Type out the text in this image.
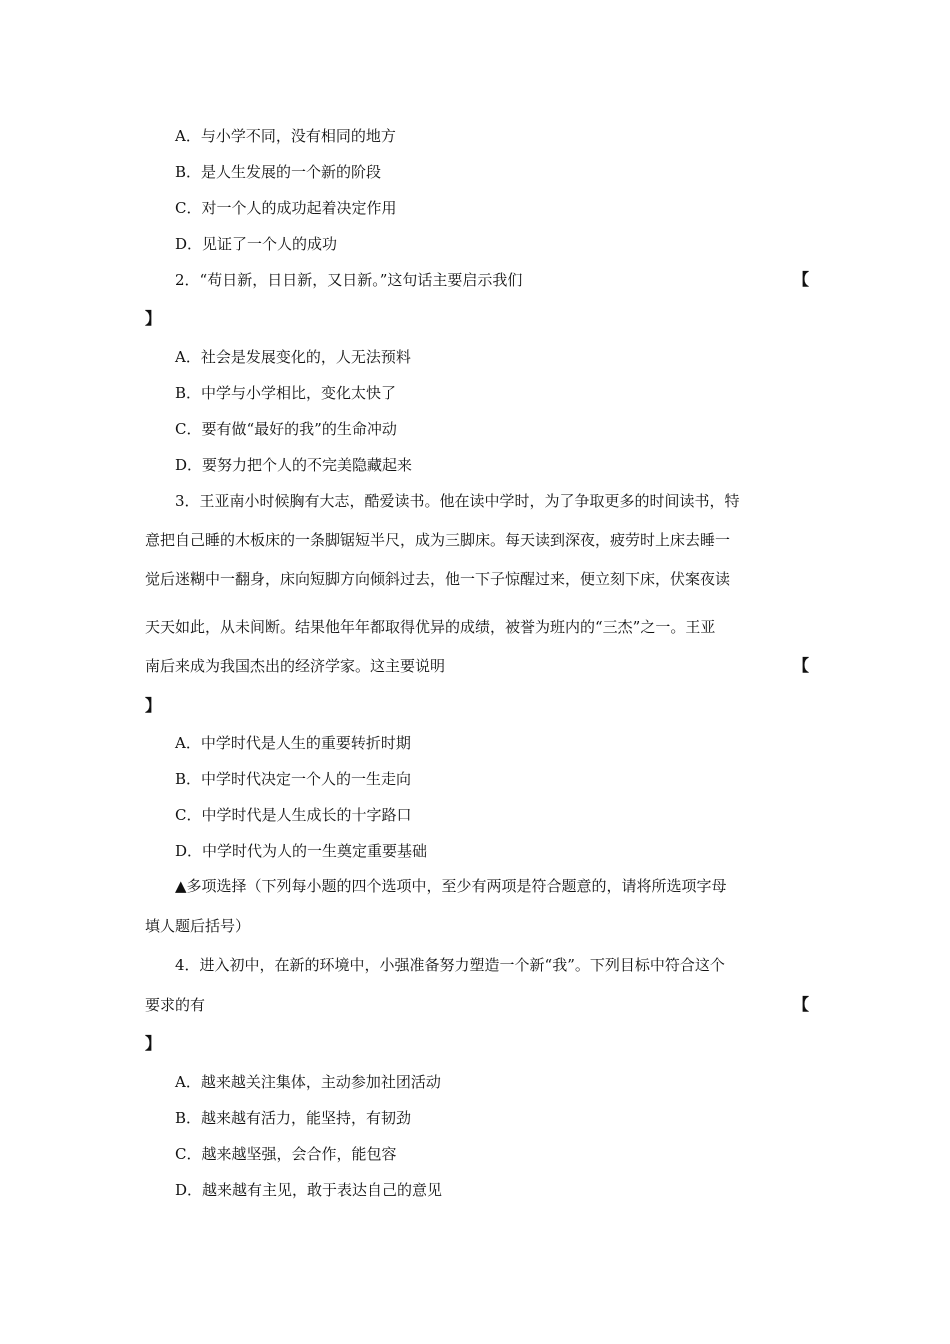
A．与小学不同，没有相同的地方
B．是人生发展的一个新的阶段
C．对一个人的成功起着决定作用
D．见证了一个人的成功
2．“苟日新，日日新，又日新。”这句话主要启示我们	【
】
A．社会是发展变化的，人无法预料
B．中学与小学相比，变化太快了
C．要有做“最好的我”的生命冲动
D．要努力把个人的不完美隐藏起来
3．王亚南小时候胸有大志，酷爱读书。他在读中学时，为了争取更多的时间读书，特
意把自己睡的木板床的一条脚锯短半尺，成为三脚床。每天读到深夜，疲劳时上床去睡一
觉后迷糊中一翻身，床向短脚方向倾斜过去，他一下子惊醒过来，便立刻下床，伏案夜读
天天如此，从未间断。结果他年年都取得优异的成绩，被誉为班内的“三杰”之一。王亚
南后来成为我国杰出的经济学家。这主要说明	【
】
A．中学时代是人生的重要转折时期
B．中学时代决定一个人的一生走向
C．中学时代是人生成长的十字路口
D．中学时代为人的一生奠定重要基础
▲多项选择（下列每小题的四个选项中，至少有两项是符合题意的，请将所选项字母
填人题后括号）
4．进入初中，在新的环境中，小强准备努力塑造一个新“我”。下列目标中符合这个
要求的有	【
】
A．越来越关注集体，主动参加社团活动
B．越来越有活力，能坚持，有韧劲
C．越来越坚强，会合作，能包容
D．越来越有主见，敢于表达自己的意见
